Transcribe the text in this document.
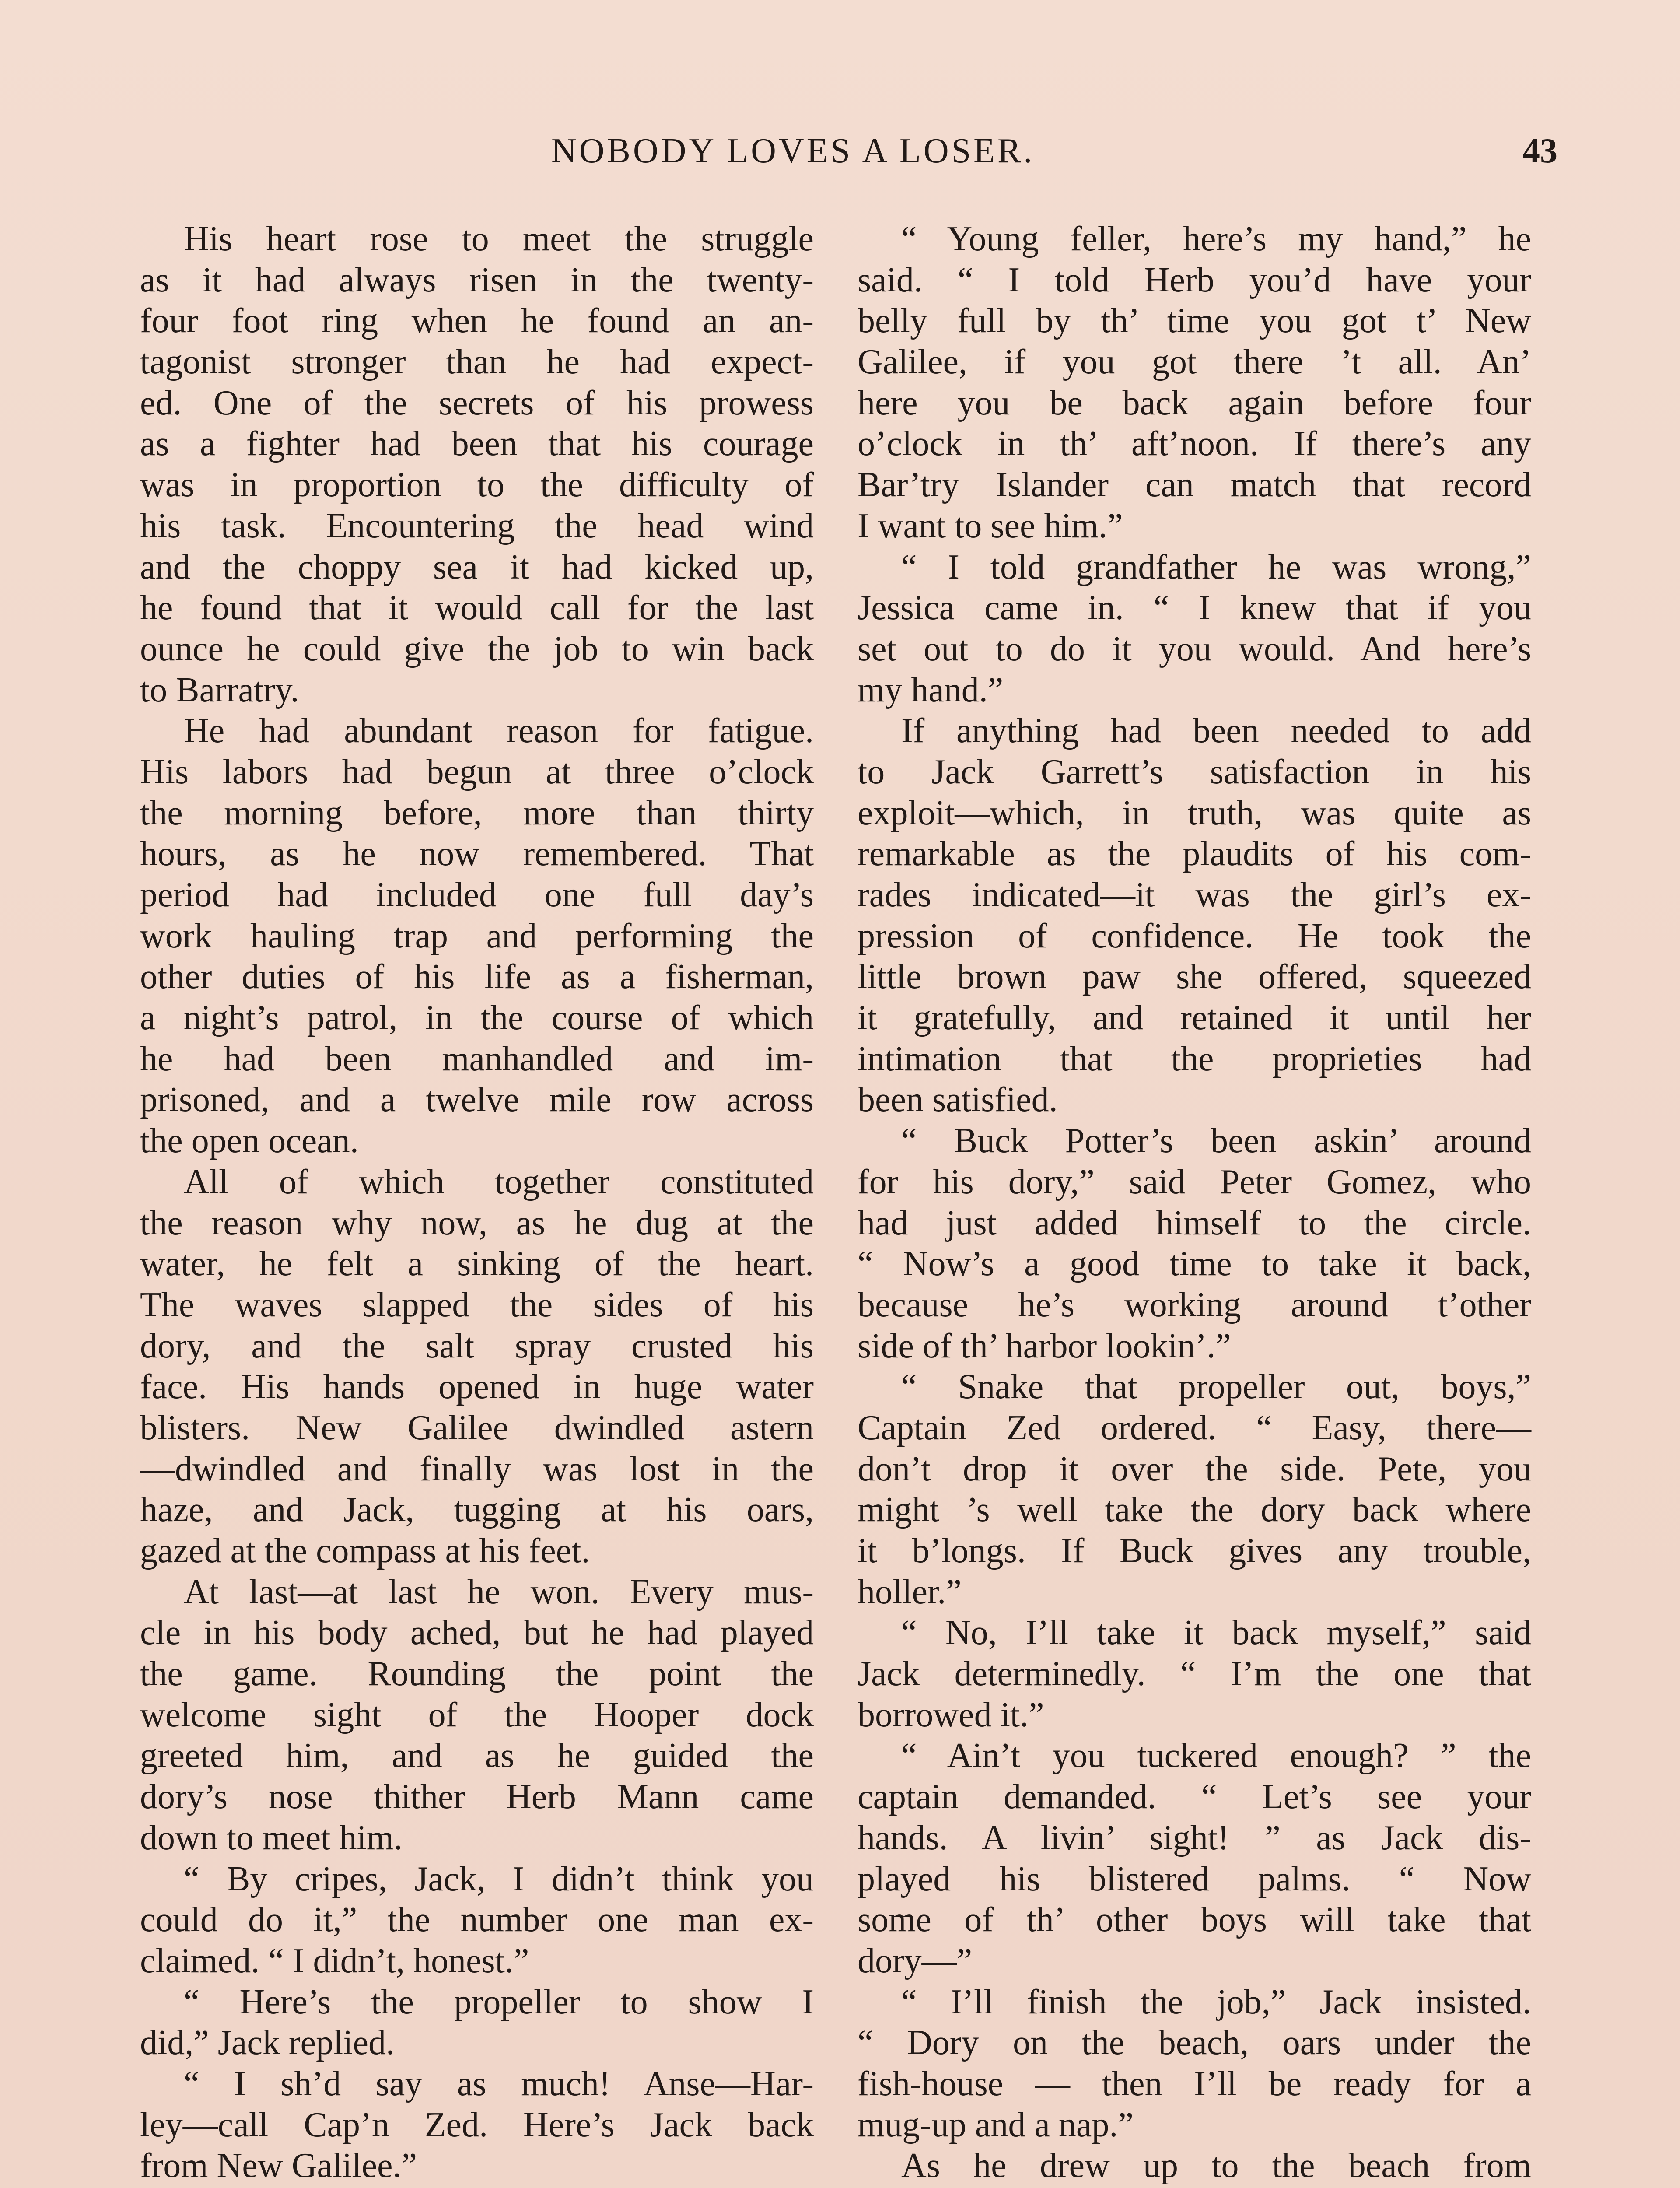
NOBODY LOVES A LOSER.	43
His heart rose to meet the struggle
as it had always risen in the twenty-
four foot ring when he found an an-
tagonist stronger than he had expect-
ed. One of the secrets of his prowess
as a fighter had been that his courage
was in proportion to the difficulty of
his task. Encountering the head wind
and the choppy sea it had kicked up,
he found that it would call for the last
ounce he could give the job to win back
to Barratry.
He had abundant reason for fatigue.
His labors had begun at three o’clock
the morning before, more than thirty
hours, as he now remembered. That
period had included one full day’s
work hauling trap and performing the
other duties of his life as a fisherman,
a night’s patrol, in the course of which
he had been manhandled and im-
prisoned, and a twelve mile row across
the open ocean.
All of which together constituted
the reason why now, as he dug at the
water, he felt a sinking of the heart.
The waves slapped the sides of his
dory, and the salt spray crusted his
face. His hands opened in huge water
blisters. New Galilee dwindled astern
—dwindled and finally was lost in the
haze, and Jack, tugging at his oars,
gazed at the compass at his feet.
At last—at last he won. Every mus-
cle in his body ached, but he had played
the game. Rounding the point the
welcome sight of the Hooper dock
greeted him, and as he guided the
dory’s nose thither Herb Mann came
down to meet him.
“ By cripes, Jack, I didn’t think you
could do it,” the number one man ex-
claimed. “ I didn’t, honest.”
“ Here’s the propeller to show I
did,” Jack replied.
“ I sh’d say as much! Anse—Har-
ley—call Cap’n Zed. Here’s Jack back
from New Galilee.”
“ Young feller, here’s my hand,” he
said. “ I told Herb you’d have your
belly full by th’ time you got t’ New
Galilee, if you got there ’t all. An’
here you be back again before four
o’clock in th’ aft’noon. If there’s any
Bar’try Islander can match that record
I want to see him.”
“ I told grandfather he was wrong,”
Jessica came in. “ I knew that if you
set out to do it you would. And here’s
my hand.”
If anything had been needed to add
to Jack Garrett’s satisfaction in his
exploit—which, in truth, was quite as
remarkable as the plaudits of his com-
rades indicated—it was the girl’s ex-
pression of confidence. He took the
little brown paw she offered, squeezed
it gratefully, and retained it until her
intimation that the proprieties had
been satisfied.
“ Buck Potter’s been askin’ around
for his dory,” said Peter Gomez, who
had just added himself to the circle.
“ Now’s a good time to take it back,
because he’s working around t’other
side of th’ harbor lookin’.”
“ Snake that propeller out, boys,”
Captain Zed ordered. “ Easy, there—
don’t drop it over the side. Pete, you
might ’s well take the dory back where
it b’longs. If Buck gives any trouble,
holler.”
“ No, I’ll take it back myself,” said
Jack determinedly. “ I’m the one that
borrowed it.”
“ Ain’t you tuckered enough? ” the
captain demanded. “ Let’s see your
hands. A livin’ sight! ” as Jack dis-
played his blistered palms. “ Now
some of th’ other boys will take that
dory—”
“ I’ll finish the job,” Jack insisted.
“ Dory on the beach, oars under the
fish-house — then I’ll be ready for a
mug-up and a nap.”
As he drew up to the beach from
